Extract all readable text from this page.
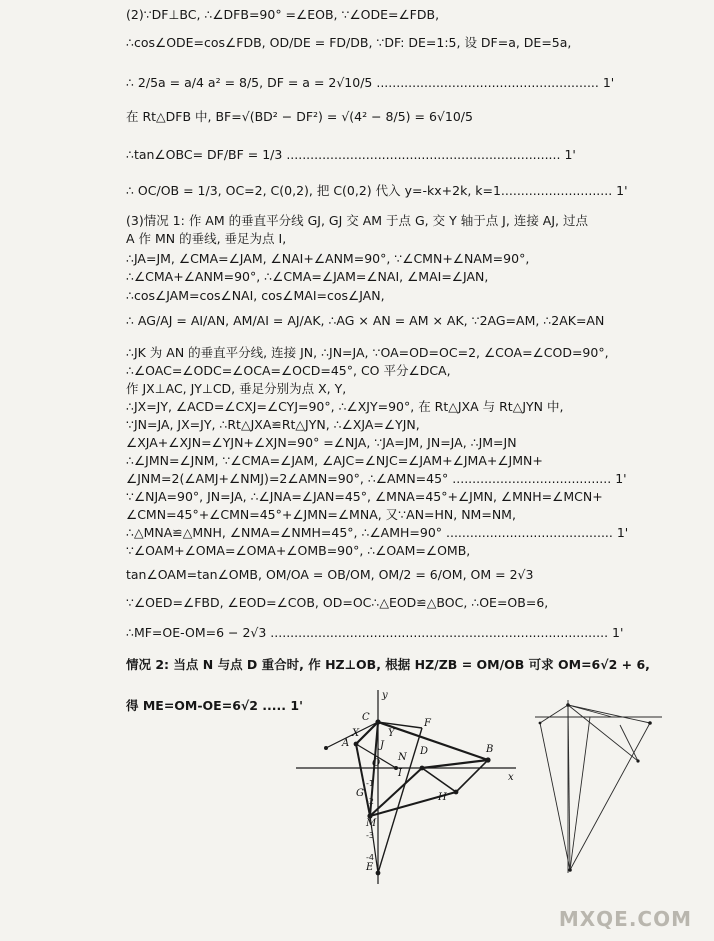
(2)∵DF⊥BC, ∴∠DFB=90° =∠EOB, ∵∠ODE=∠FDB,
∴cos∠ODE=cos∠FDB, OD/DE = FD/DB, ∵DF: DE=1:5, 设 DF=a, DE=5a,
∴ 2/5a = a/4 a² = 8/5, DF = a = 2√10/5 ........................................................ 1'
在 Rt△DFB 中, BF=√(BD² − DF²) = √(4² − 8/5) = 6√10/5
∴tan∠OBC= DF/BF = 1/3 ..................................................................... 1'
∴ OC/OB = 1/3, OC=2, C(0,2), 把 C(0,2) 代入 y=-kx+2k, k=1............................ 1'
(3)情况 1: 作 AM 的垂直平分线 GJ, GJ 交 AM 于点 G, 交 Y 轴于点 J, 连接 AJ, 过点
A 作 MN 的垂线, 垂足为点 I,
∴JA=JM, ∠CMA=∠JAM, ∠NAI+∠ANM=90°, ∵∠CMN+∠NAM=90°,
∴∠CMA+∠ANM=90°, ∴∠CMA=∠JAM=∠NAI, ∠MAI=∠JAN,
∴cos∠JAM=cos∠NAI, cos∠MAI=cos∠JAN,
∴ AG/AJ = AI/AN, AM/AI = AJ/AK, ∴AG × AN = AM × AK, ∵2AG=AM, ∴2AK=AN
∴JK 为 AN 的垂直平分线, 连接 JN, ∴JN=JA, ∵OA=OD=OC=2, ∠COA=∠COD=90°,
∴∠OAC=∠ODC=∠OCA=∠OCD=45°, CO 平分∠DCA,
作 JX⊥AC, JY⊥CD, 垂足分别为点 X, Y,
∴JX=JY, ∠ACD=∠CXJ=∠CYJ=90°, ∴∠XJY=90°, 在 Rt△JXA 与 Rt△JYN 中,
∵JN=JA, JX=JY, ∴Rt△JXA≌Rt△JYN, ∴∠XJA=∠YJN,
∠XJA+∠XJN=∠YJN+∠XJN=90° =∠NJA, ∵JA=JM, JN=JA, ∴JM=JN
∴∠JMN=∠JNM, ∵∠CMA=∠JAM, ∠AJC=∠NJC=∠JAM+∠JMA+∠JMN+
∠JNM=2(∠AMJ+∠NMJ)=2∠AMN=90°, ∴∠AMN=45° ........................................ 1'
∵∠NJA=90°, JN=JA, ∴∠JNA=∠JAN=45°, ∠MNA=45°+∠JMN, ∠MNH=∠MCN+
∠CMN=45°+∠CMN=45°+∠JMN=∠MNA, 又∵AN=HN, NM=NM,
∴△MNA≌△MNH, ∠NMA=∠NMH=45°, ∴∠AMH=90° .......................................... 1'
∵∠OAM+∠OMA=∠OMA+∠OMB=90°, ∴∠OAM=∠OMB,
tan∠OAM=tan∠OMB, OM/OA = OB/OM, OM/2 = 6/OM, OM = 2√3
∵∠OED=∠FBD, ∠EOD=∠COB, OD=OC∴△EOD≌△BOC, ∴OE=OB=6,
∴MF=OE-OM=6 − 2√3 ..................................................................................... 1'
情况 2: 当点 N 与点 D 重合时, 作 HZ⊥OB, 根据 HZ/ZB = OM/OB 可求 OM=6√2 + 6,
得 ME=OM-OE=6√2 ..... 1'
y
C
F
A
X	Y
D	B
x
G	H
M
E
I
J
N
O
-1
-2
-3
-4
MXQE.COM
